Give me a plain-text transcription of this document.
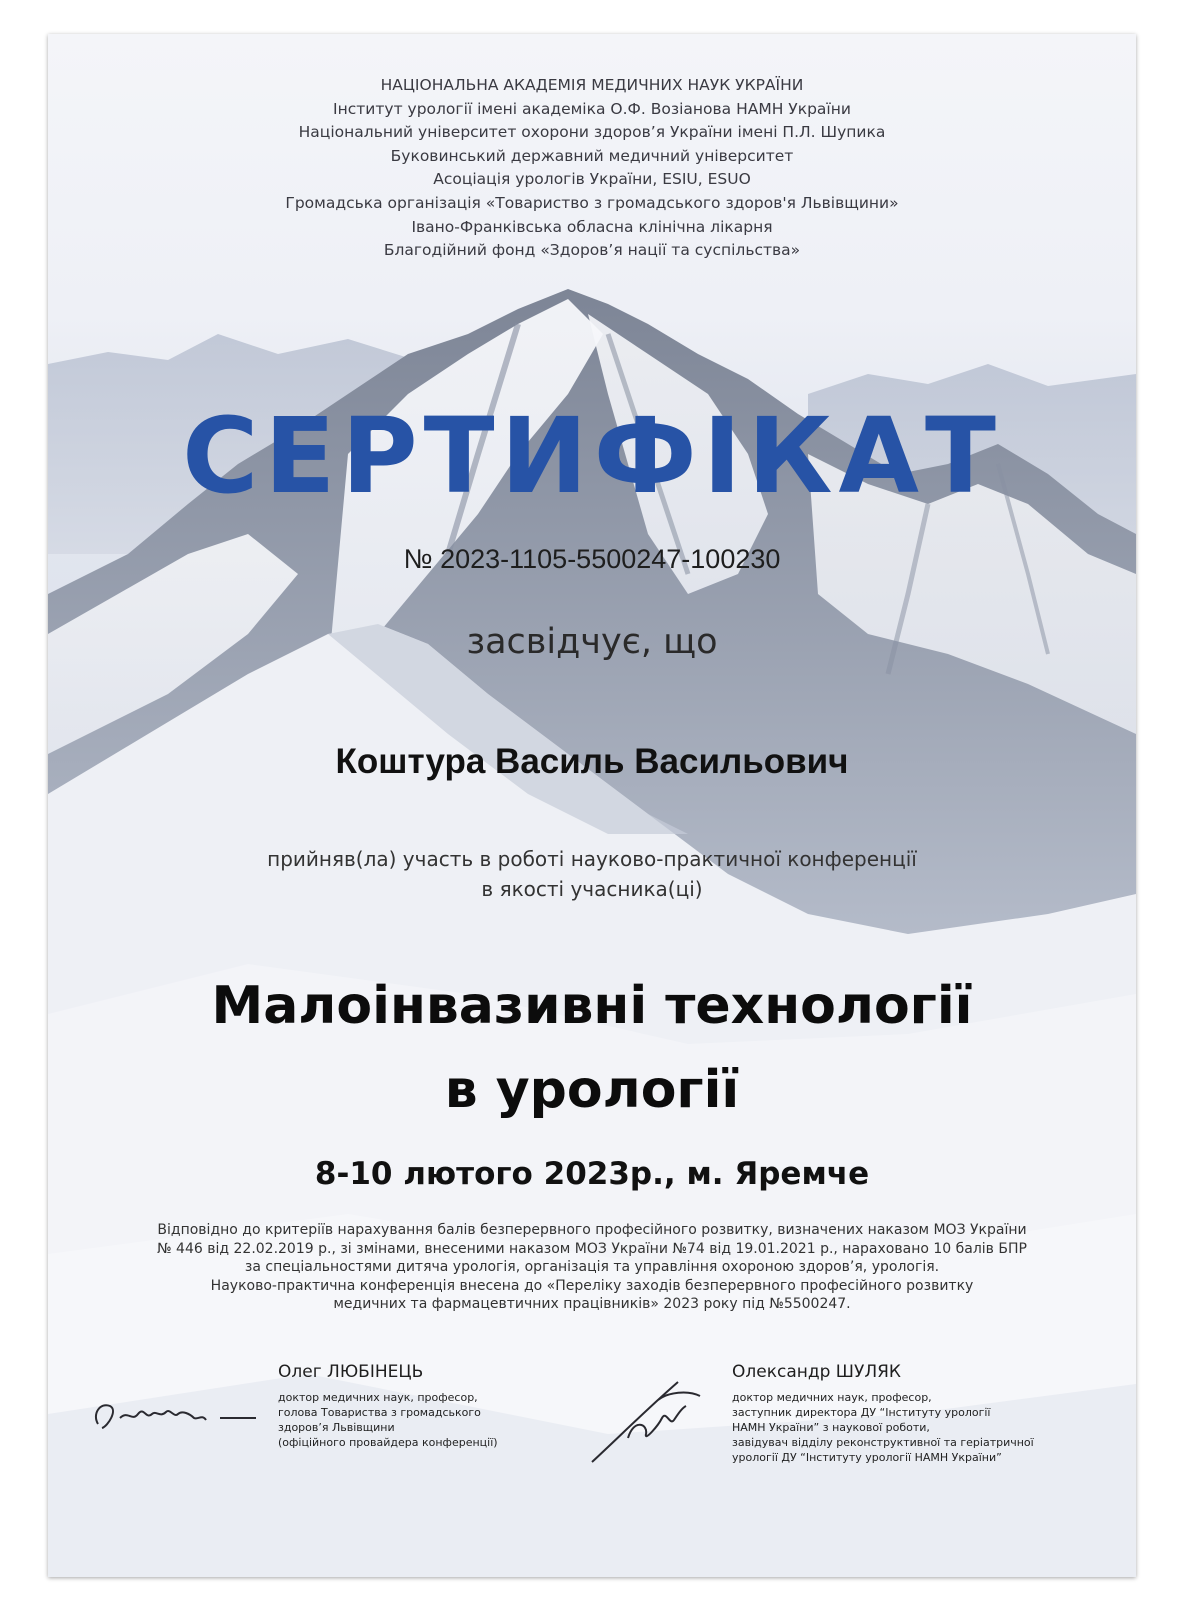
НАЦІОНАЛЬНА АКАДЕМІЯ МЕДИЧНИХ НАУК УКРАЇНИ
Інститут урології імені академіка О.Ф. Возіанова НАМН України
Національний університет охорони здоров’я України імені П.Л. Шупика
Буковинський державний медичний університет
Асоціація урологів України, ESIU, ESUO
Громадська організація «Товариство з громадського здоров'я Львівщини»
Івано-Франківська обласна клінічна лікарня
Благодійний фонд «Здоров’я нації та суспільства»
СЕРТИФІКАТ
№ 2023-1105-5500247-100230
засвідчує, що
Коштура Василь Васильович
прийняв(ла) участь в роботі науково-практичної конференції
в якості учасника(ці)
Малоінвазивні технології
в урології
8-10 лютого 2023р., м. Яремче
Відповідно до критеріїв нарахування балів безперервного професійного розвитку, визначених наказом МОЗ України
№ 446 від 22.02.2019 р., зі змінами, внесеними наказом МОЗ України №74 від 19.01.2021 р., нараховано 10 балів БПР
за спеціальностями дитяча урологія, організація та управління охороною здоров’я, урологія.
Науково-практична конференція внесена до «Переліку заходів безперервного професійного розвитку
медичних та фармацевтичних працівників» 2023 року під №5500247.
Олег ЛЮБІНЕЦЬ
доктор медичних наук, професор,
голова Товариства з громадського
здоров’я Львівщини
(офіційного провайдера конференції)
Олександр ШУЛЯК
доктор медичних наук, професор,
заступник директора ДУ “Інституту урології
НАМН України” з наукової роботи,
завідувач відділу реконструктивної та геріатричної
урології ДУ “Інституту урології НАМН України”
